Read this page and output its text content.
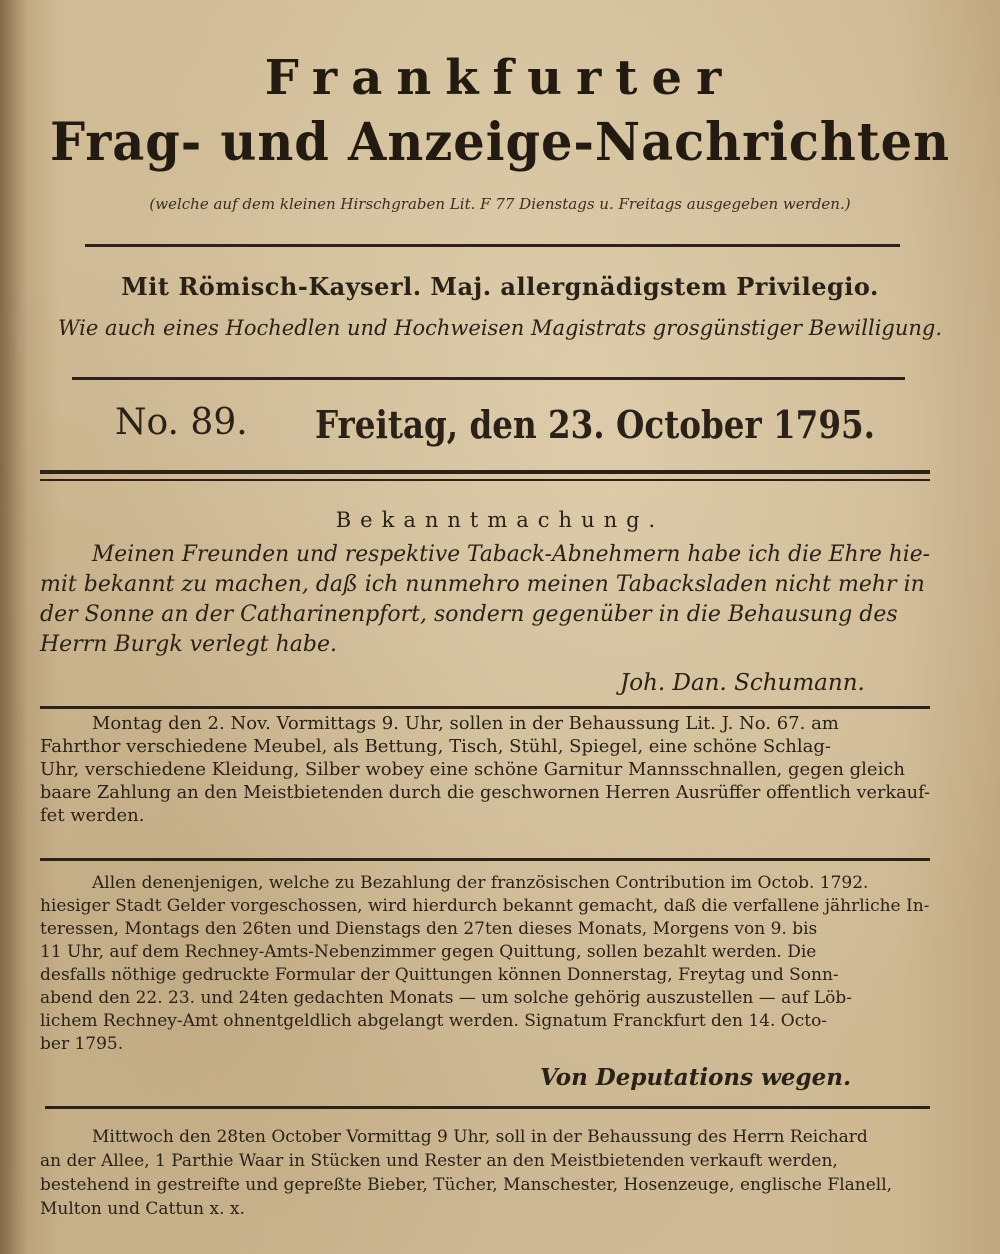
Frankfurter
Frag- und Anzeige-Nachrichten
(welche auf dem kleinen Hirschgraben Lit. F 77 Dienstags u. Freitags ausgegeben werden.)
Mit Römisch-Kayserl. Maj. allergnädigstem Privilegio.
Wie auch eines Hochedlen und Hochweisen Magistrats grosgünstiger Bewilligung.
No. 89. Freitag, den 23. October 1795.
Bekanntmachung.
Meinen Freunden und respektive Taback-Abnehmern habe ich die Ehre hie-
mit bekannt zu machen, daß ich nunmehro meinen Tabacksladen nicht mehr in
der Sonne an der Catharinenpfort, sondern gegenüber in die Behausung des
Herrn Burgk verlegt habe.
Joh. Dan. Schumann.
Montag den 2. Nov. Vormittags 9. Uhr, sollen in der Behaussung Lit. J. No. 67. am
Fahrthor verschiedene Meubel, als Bettung, Tisch, Stühl, Spiegel, eine schöne Schlag-
Uhr, verschiedene Kleidung, Silber wobey eine schöne Garnitur Mannsschnallen, gegen gleich
baare Zahlung an den Meistbietenden durch die geschwornen Herren Ausrüffer offentlich verkauf-
fet werden.
Allen denenjenigen, welche zu Bezahlung der französischen Contribution im Octob. 1792.
hiesiger Stadt Gelder vorgeschossen, wird hierdurch bekannt gemacht, daß die verfallene jährliche In-
teressen, Montags den 26ten und Dienstags den 27ten dieses Monats, Morgens von 9. bis
11 Uhr, auf dem Rechney-Amts-Nebenzimmer gegen Quittung, sollen bezahlt werden. Die
desfalls nöthige gedruckte Formular der Quittungen können Donnerstag, Freytag und Sonn-
abend den 22. 23. und 24ten gedachten Monats — um solche gehörig auszustellen — auf Löb-
lichem Rechney-Amt ohnentgeldlich abgelangt werden. Signatum Franckfurt den 14. Octo-
ber 1795.
Von Deputations wegen.
Mittwoch den 28ten October Vormittag 9 Uhr, soll in der Behaussung des Herrn Reichard
an der Allee, 1 Parthie Waar in Stücken und Rester an den Meistbietenden verkauft werden,
bestehend in gestreifte und gepreßte Bieber, Tücher, Manschester, Hosenzeuge, englische Flanell,
Multon und Cattun x. x.
